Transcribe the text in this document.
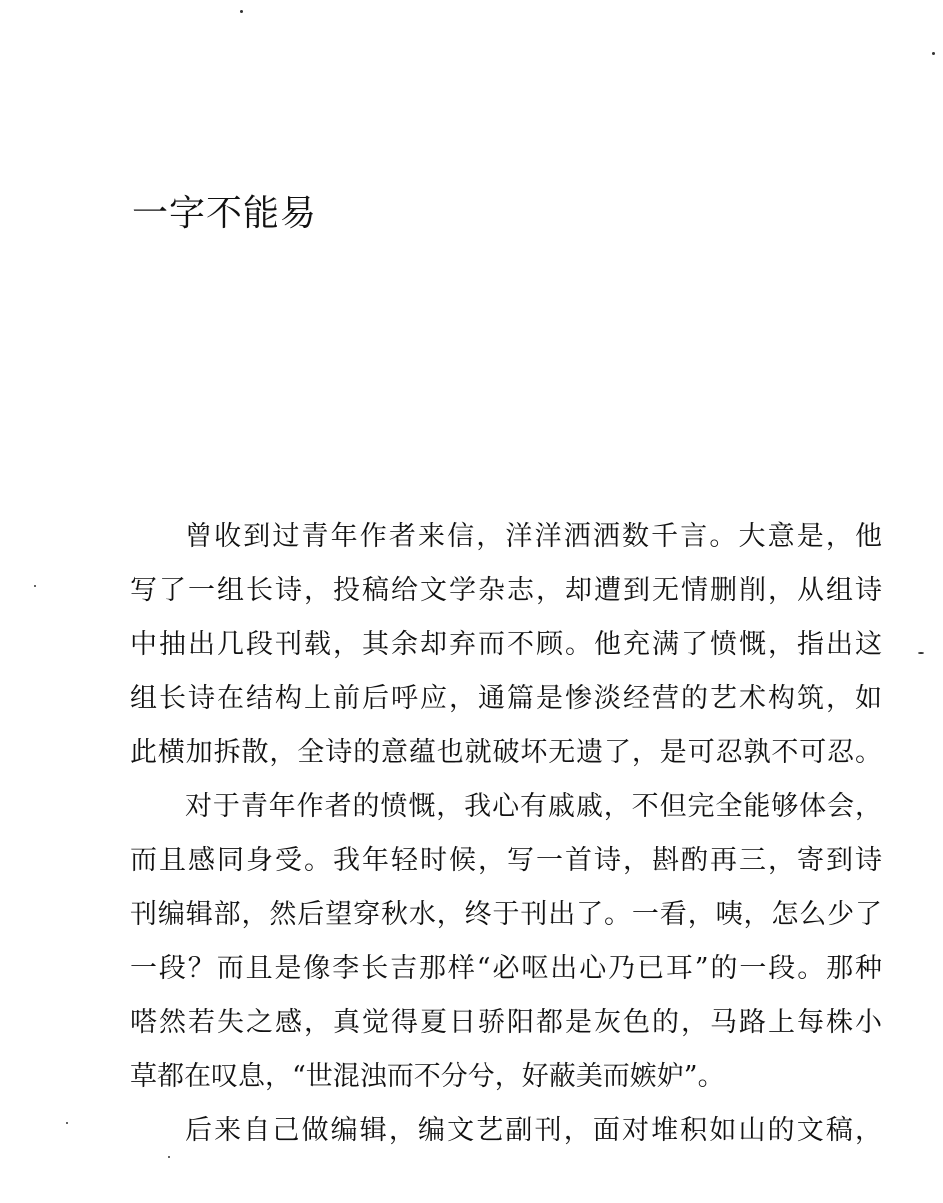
一字不能易

曾收到过青年作者来信，洋洋洒洒数千言。大意是，他

写了一组长诗，投稿给文学杂志，却遭到无情删削，从组诗

中抽出几段刊载，其余却弃而不顾。他充满了愤慨，指出这

组长诗在结构上前后呼应，通篇是惨淡经营的艺术构筑，如

此横加拆散，全诗的意蕴也就破坏无遗了，是可忍孰不可忍。

对于青年作者的愤慨，我心有戚戚，不但完全能够体会，

而且感同身受。我年轻时候，写一首诗，斟酌再三，寄到诗

刊编辑部，然后望穿秋水，终于刊出了。一看，咦，怎么少了

一段？而且是像李长吉那样“必呕出心乃已耳”的一段。那种

嗒然若失之感，真觉得夏日骄阳都是灰色的，马路上每株小

草都在叹息，“世混浊而不分兮，好蔽美而嫉妒”。

后来自己做编辑，编文艺副刊，面对堆积如山的文稿，
